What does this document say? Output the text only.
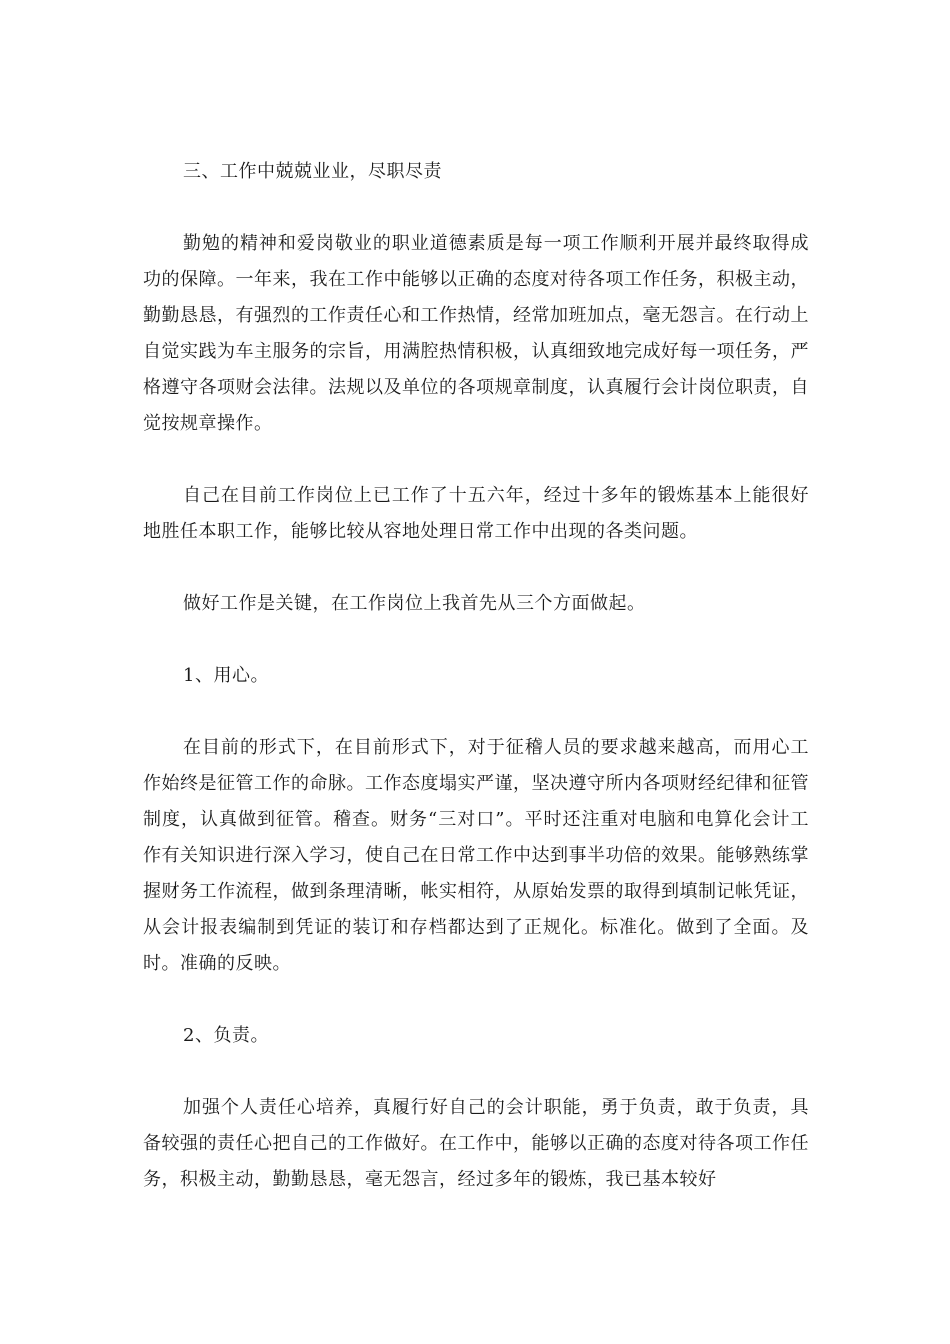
三、工作中兢兢业业，尽职尽责

勤勉的精神和爱岗敬业的职业道德素质是每一项工作顺利开展并最终取得成功的保障。一年来，我在工作中能够以正确的态度对待各项工作任务，积极主动，勤勤恳恳，有强烈的工作责任心和工作热情，经常加班加点，毫无怨言。在行动上自觉实践为车主服务的宗旨，用满腔热情积极，认真细致地完成好每一项任务，严格遵守各项财会法律。法规以及单位的各项规章制度，认真履行会计岗位职责，自觉按规章操作。

自己在目前工作岗位上已工作了十五六年，经过十多年的锻炼基本上能很好地胜任本职工作，能够比较从容地处理日常工作中出现的各类问题。

做好工作是关键，在工作岗位上我首先从三个方面做起。

1、用心。

在目前的形式下，在目前形式下，对于征稽人员的要求越来越高，而用心工作始终是征管工作的命脉。工作态度塌实严谨，坚决遵守所内各项财经纪律和征管制度，认真做到征管。稽查。财务“三对口”。平时还注重对电脑和电算化会计工作有关知识进行深入学习，使自己在日常工作中达到事半功倍的效果。能够熟练掌握财务工作流程，做到条理清晰，帐实相符，从原始发票的取得到填制记帐凭证，从会计报表编制到凭证的装订和存档都达到了正规化。标准化。做到了全面。及时。准确的反映。

2、负责。

加强个人责任心培养，真履行好自己的会计职能，勇于负责，敢于负责，具备较强的责任心把自己的工作做好。在工作中，能够以正确的态度对待各项工作任务，积极主动，勤勤恳恳，毫无怨言，经过多年的锻炼，我已基本较好
